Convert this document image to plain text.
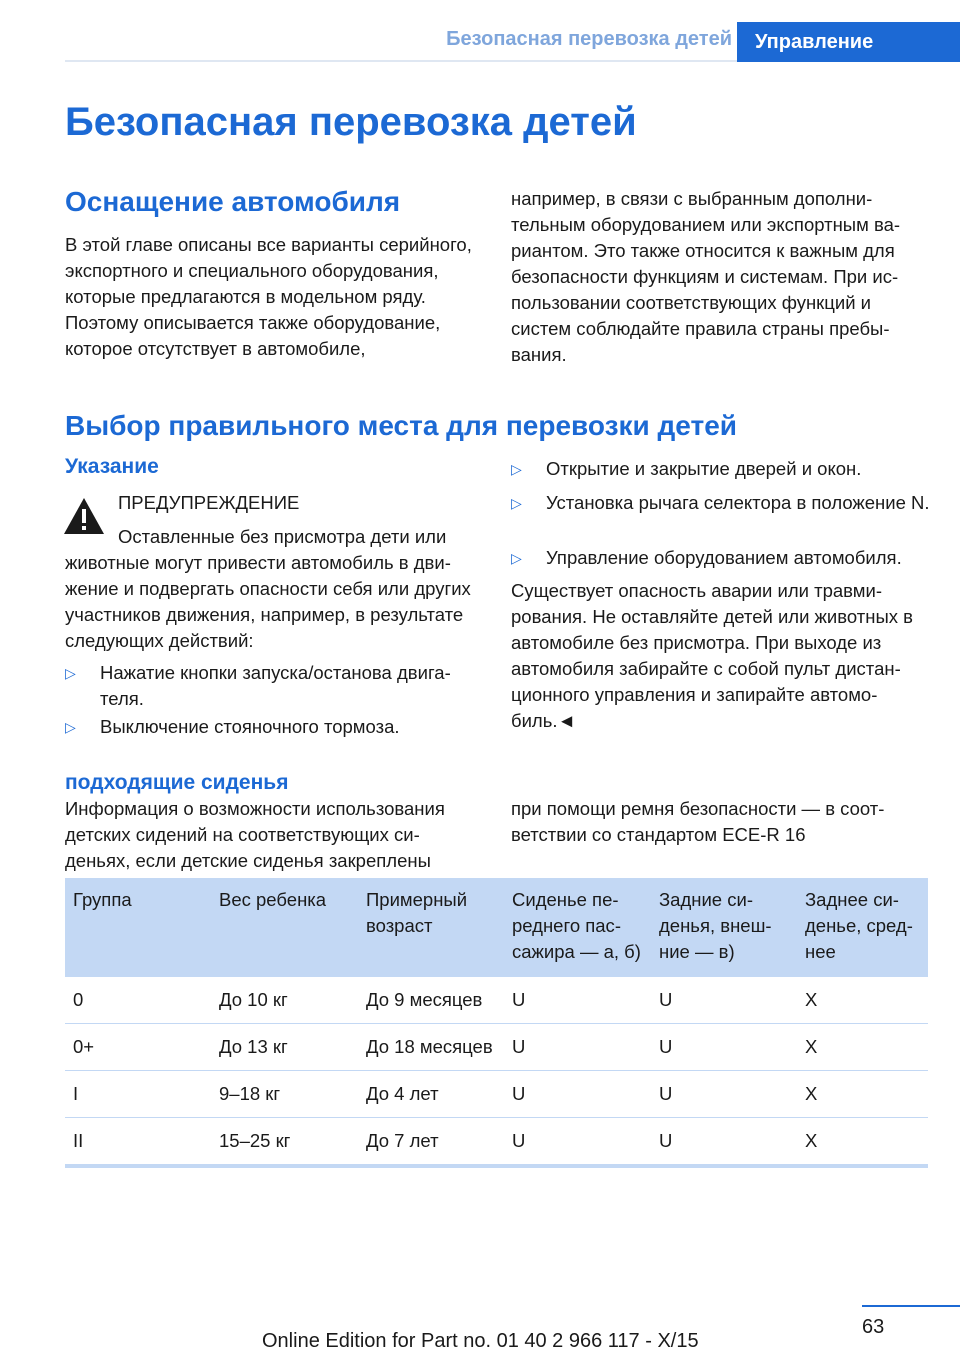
Безопасная перевозка детей	Управление
Безопасная перевозка детей
Оснащение автомобиля
В этой главе описаны все варианты серийного, экспортного и специального оборудования, которые предлагаются в модельном ряду. Поэтому описывается также оборудование, которое отсутствует в автомобиле,
например, в связи с выбранным дополнительным оборудованием или экспортным вариантом. Это также относится к важным для безопасности функциям и системам. При использовании соответствующих функций и систем соблюдайте правила страны пребывания.
Выбор правильного места для перевозки детей
Указание
ПРЕДУПРЕЖДЕНИЕ
Оставленные без присмотра дети или животные могут привести автомобиль в движение и подвергать опасности себя или других участников движения, например, в результате следующих действий:
▷	Нажатие кнопки запуска/останова двигателя.
▷	Выключение стояночного тормоза.
▷	Открытие и закрытие дверей и окон.
▷	Установка рычага селектора в положение N.
▷	Управление оборудованием автомобиля.
Существует опасность аварии или травмирования. Не оставляйте детей или животных в автомобиле без присмотра. При выходе из автомобиля забирайте с собой пульт дистанционного управления и запирайте автомобиль.◄
подходящие сиденья
Информация о возможности использования детских сидений на соответствующих сиденьях, если детские сиденья закреплены
при помощи ремня безопасности — в соответствии со стандартом ECE-R 16
Группа	Вес ребенка	Примерный возраст	Сиденье переднего пассажира — а, б)	Задние сиденья, внешние — в)	Заднее сиденье, среднее
0	До 10 кг	До 9 месяцев	U	U	X
0+	До 13 кг	До 18 месяцев	U	U	X
I	9–18 кг	До 4 лет	U	U	X
II	15–25 кг	До 7 лет	U	U	X
63
Online Edition for Part no. 01 40 2 966 117 - X/15
